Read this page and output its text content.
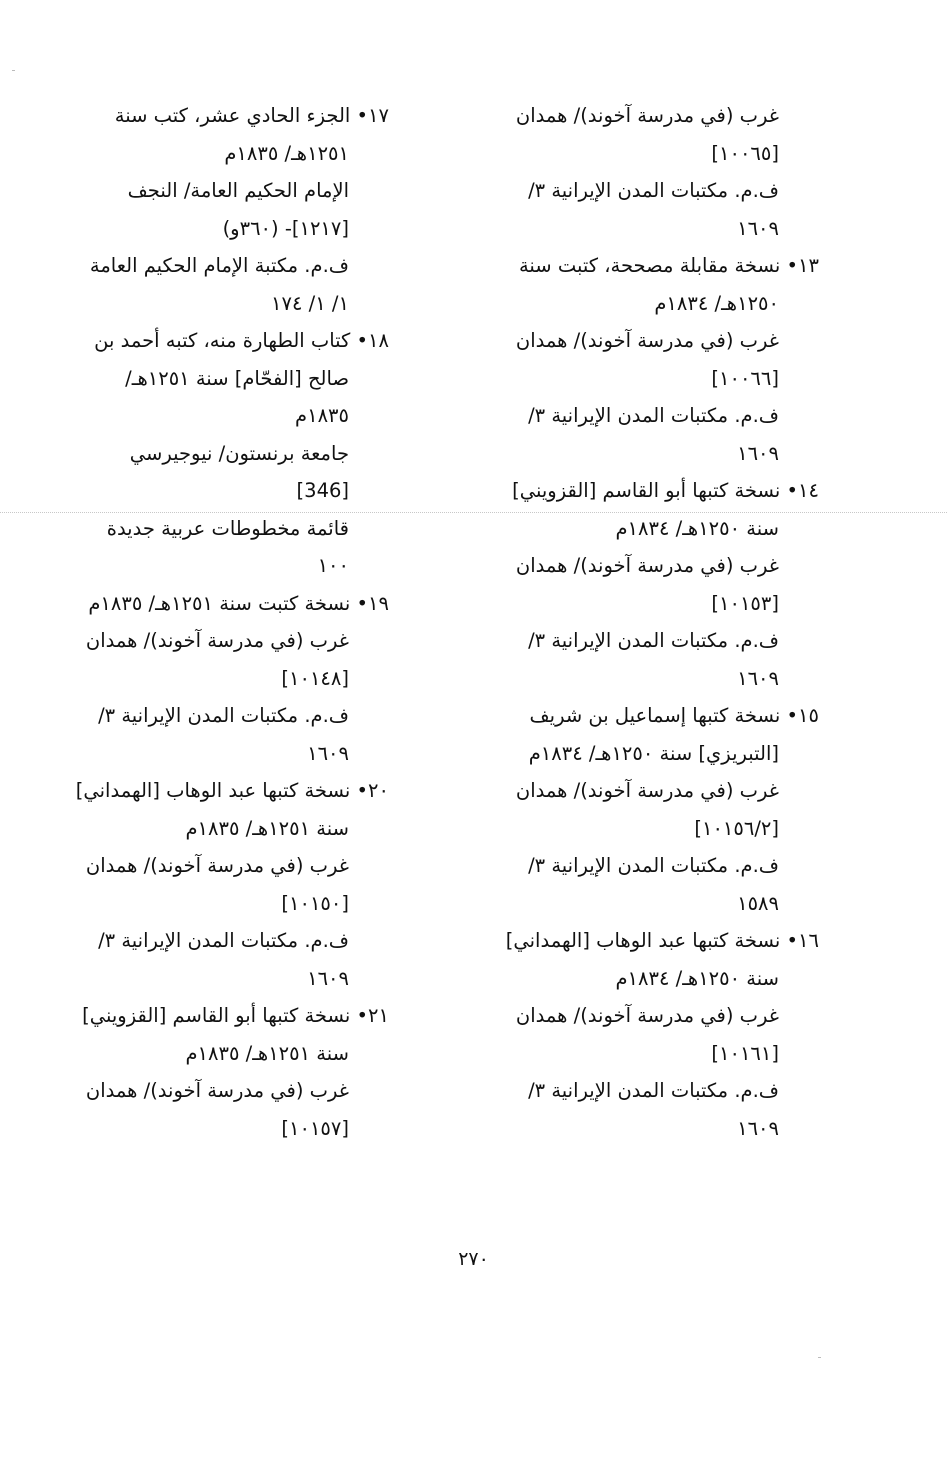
غرب (في مدرسة آخوند)/ همدان
[١٠٠٦٥]
ف.م. مكتبات المدن الإيرانية ٣/
١٦٠٩
١٣• نسخة مقابلة مصححة، كتبت سنة
١٢٥٠هـ/ ١٨٣٤م
غرب (في مدرسة آخوند)/ همدان
[١٠٠٦٦]
ف.م. مكتبات المدن الإيرانية ٣/
١٦٠٩
١٤• نسخة كتبها أبو القاسم [القزويني]
سنة ١٢٥٠هـ/ ١٨٣٤م
غرب (في مدرسة آخوند)/ همدان
[١٠١٥٣]
ف.م. مكتبات المدن الإيرانية ٣/
١٦٠٩
١٥• نسخة كتبها إسماعيل بن شريف
[التبريزي] سنة ١٢٥٠هـ/ ١٨٣٤م
غرب (في مدرسة آخوند)/ همدان
[١٠١٥٦/٢]
ف.م. مكتبات المدن الإيرانية ٣/
١٥٨٩
١٦• نسخة كتبها عبد الوهاب [الهمداني]
سنة ١٢٥٠هـ/ ١٨٣٤م
غرب (في مدرسة آخوند)/ همدان
[١٠١٦١]
ف.م. مكتبات المدن الإيرانية ٣/
١٦٠٩
١٧• الجزء الحادي عشر، كتب سنة
١٢٥١هـ/ ١٨٣٥م
الإمام الحكيم العامة/ النجف
[١٢١٧]- (٣٦٠و)
ف.م. مكتبة الإمام الحكيم العامة
١/ ١/ ١٧٤
١٨• كتاب الطهارة منه، كتبه أحمد بن
صالح [الفحّام] سنة ١٢٥١هـ/
١٨٣٥م
جامعة برنستون/ نيوجيرسي
[346]
قائمة مخطوطات عربية جديدة
١٠٠
١٩• نسخة كتبت سنة ١٢٥١هـ/ ١٨٣٥م
غرب (في مدرسة آخوند)/ همدان
[١٠١٤٨]
ف.م. مكتبات المدن الإيرانية ٣/
١٦٠٩
٢٠• نسخة كتبها عبد الوهاب [الهمداني]
سنة ١٢٥١هـ/ ١٨٣٥م
غرب (في مدرسة آخوند)/ همدان
[١٠١٥٠]
ف.م. مكتبات المدن الإيرانية ٣/
١٦٠٩
٢١• نسخة كتبها أبو القاسم [القزويني]
سنة ١٢٥١هـ/ ١٨٣٥م
غرب (في مدرسة آخوند)/ همدان
[١٠١٥٧]
٢٧٠
